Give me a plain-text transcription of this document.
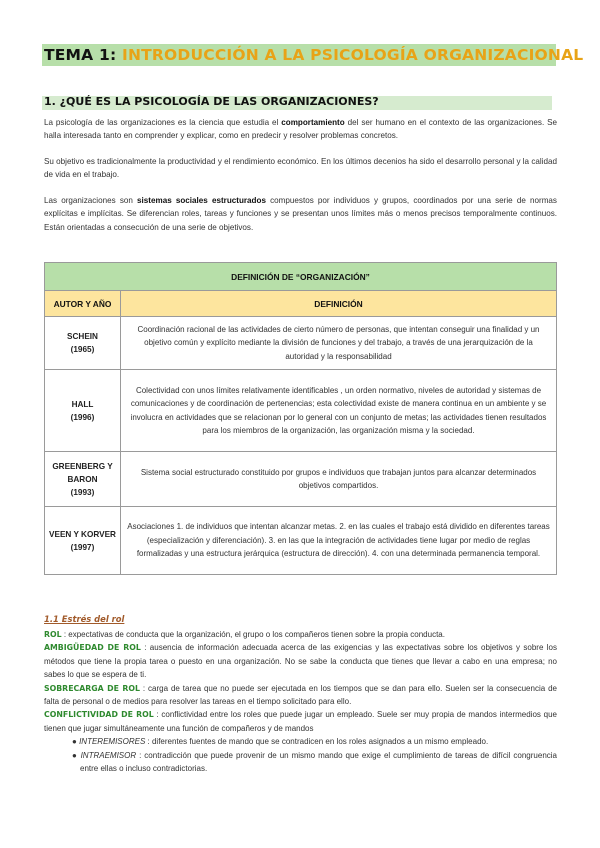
TEMA 1: INTRODUCCIÓN A LA PSICOLOGÍA ORGANIZACIONAL
1. ¿QUÉ ES LA PSICOLOGÍA DE LAS ORGANIZACIONES?

La psicología de las organizaciones es la ciencia que estudia el comportamiento del ser humano en el contexto de las organizaciones. Se halla interesada tanto en comprender y explicar, como en predecir y resolver problemas concretos.

Su objetivo es tradicionalmente la productividad y el rendimiento económico. En los últimos decenios ha sido el desarrollo personal y la calidad de vida en el trabajo.

Las organizaciones son sistemas sociales estructurados compuestos por individuos y grupos, coordinados por una serie de normas explícitas e implícitas. Se diferencian roles, tareas y funciones y se presentan unos límites más o menos precisos temporalmente continuos. Están orientadas a consecución de una serie de objetivos.

DEFINICIÓN DE “ORGANIZACIÓN”	
AUTOR Y AÑO	DEFINICIÓN

SCHEIN
(1965)	Coordinación racional de las actividades de cierto número de personas, que intentan conseguir una finalidad y un objetivo común y explícito mediante la división de funciones y del trabajo, a través de una jerarquización de la autoridad y la responsabilidad

HALL
(1996)	Colectividad con unos límites relativamente identificables , un orden normativo, niveles de autoridad y sistemas de comunicaciones y de coordinación de pertenencias; esta colectividad existe de manera continua en un ambiente y se involucra en actividades que se relacionan por lo general con un conjunto de metas; las actividades tienen resultados para los miembros de la organización, las organización misma y la sociedad.

GREENBERG Y BARON
(1993)	Sistema social estructurado constituido por grupos e individuos que trabajan juntos para alcanzar determinados objetivos compartidos.

VEEN Y KORVER
(1997)	Asociaciones 1. de individuos que intentan alcanzar metas. 2. en las cuales el trabajo está dividido en diferentes tareas (especialización y diferenciación). 3. en las que la integración de actividades tiene lugar por medio de reglas formalizadas y una estructura jerárquica (estructura de dirección). 4. con una determinada permanencia temporal.
1.1 Estrés del rol
ROL : expectativas de conducta que la organización, el grupo o los compañeros tienen sobre la propia conducta.
AMBIGÜEDAD DE ROL : ausencia de información adecuada acerca de las exigencias y las expectativas sobre los objetivos y sobre los métodos que tiene la propia tarea o puesto en una organización. No se sabe la conducta que tienes que llevar a cabo en una empresa; no sabes lo que se espera de ti.
SOBRECARGA DE ROL : carga de tarea que no puede ser ejecutada en los tiempos que se dan para ello. Suelen ser la consecuencia de falta de personal o de medios para resolver las tareas en el tiempo solicitado para ello.
CONFLICTIVIDAD DE ROL : conflictividad entre los roles que puede jugar un empleado. Suele ser muy propia de mandos intermedios que tienen que jugar simultáneamente una función de compañeros y de mandos
● INTEREMISORES : diferentes fuentes de mando que se contradicen en los roles asignados a un mismo empleado.
● INTRAEMISOR : contradicción que puede provenir de un mismo mando que exige el cumplimiento de tareas de difícil congruencia entre ellas o incluso contradictorias.
